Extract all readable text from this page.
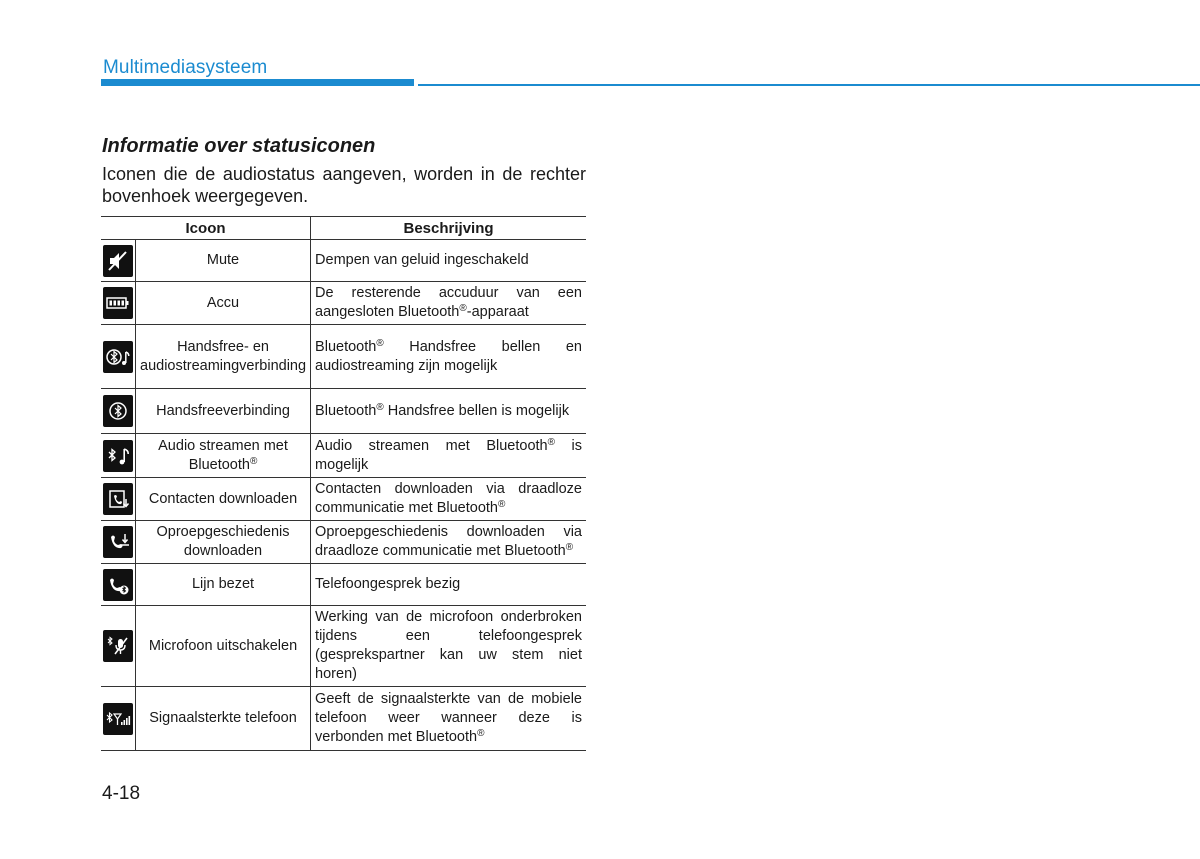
Multimediasysteem
Informatie over statusiconen
Iconen die de audiostatus aangeven, worden in de rechter bovenhoek weergegeven.
Icoon		Beschrijving

	Mute	Dempen van geluid ingeschakeld

	Accu	De resterende accuduur van een aangesloten Bluetooth®-apparaat

	Handsfree- en audiostreamingverbinding	Bluetooth® Handsfree bellen en audiostreaming zijn mogelijk

	Handsfreeverbinding	Bluetooth® Handsfree bellen is mogelijk

	Audio streamen met Bluetooth®	Audio streamen met Bluetooth® is mogelijk

	Contacten downloaden	Contacten downloaden via draadloze communicatie met Bluetooth®

	Oproepgeschiedenis downloaden	Oproepgeschiedenis downloaden via draadloze communicatie met Bluetooth®

	Lijn bezet	Telefoongesprek bezig

	Microfoon uitschakelen	Werking van de microfoon onderbroken tijdens een telefoongesprek (gesprekspartner kan uw stem niet horen)

	Signaalsterkte telefoon	Geeft de signaalsterkte van de mobiele telefoon weer wanneer deze is verbonden met Bluetooth®
4-18
